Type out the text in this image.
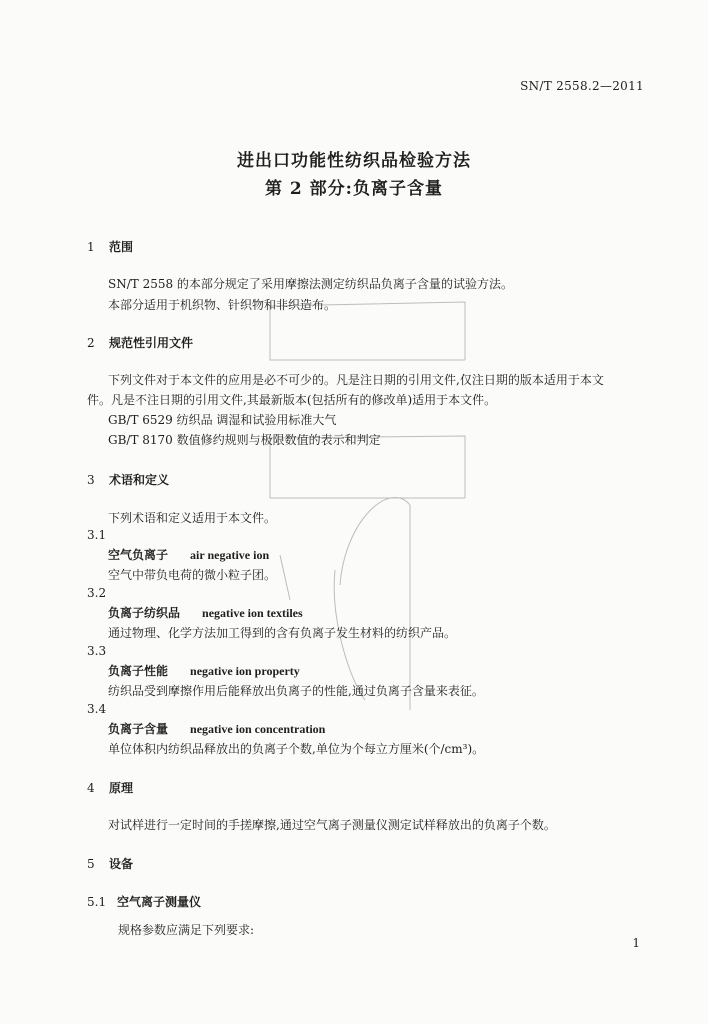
SN/T 2558.2—2011
进出口功能性纺织品检验方法
第 2 部分:负离子含量
1 范围
SN/T 2558 的本部分规定了采用摩擦法测定纺织品负离子含量的试验方法。
本部分适用于机织物、针织物和非织造布。
2 规范性引用文件
下列文件对于本文件的应用是必不可少的。凡是注日期的引用文件,仅注日期的版本适用于本文
件。凡是不注日期的引用文件,其最新版本(包括所有的修改单)适用于本文件。
GB/T 6529 纺织品 调湿和试验用标准大气
GB/T 8170 数值修约规则与极限数值的表示和判定
3 术语和定义
下列术语和定义适用于本文件。
3.1
空气负离子 air negative ion
空气中带负电荷的微小粒子团。
3.2
负离子纺织品 negative ion textiles
通过物理、化学方法加工得到的含有负离子发生材料的纺织产品。
3.3
负离子性能 negative ion property
纺织品受到摩擦作用后能释放出负离子的性能,通过负离子含量来表征。
3.4
负离子含量 negative ion concentration
单位体积内纺织品释放出的负离子个数,单位为个每立方厘米(个/cm³)。
4 原理
对试样进行一定时间的手搓摩擦,通过空气离子测量仪测定试样释放出的负离子个数。
5 设备
5.1 空气离子测量仪
规格参数应满足下列要求:
1
